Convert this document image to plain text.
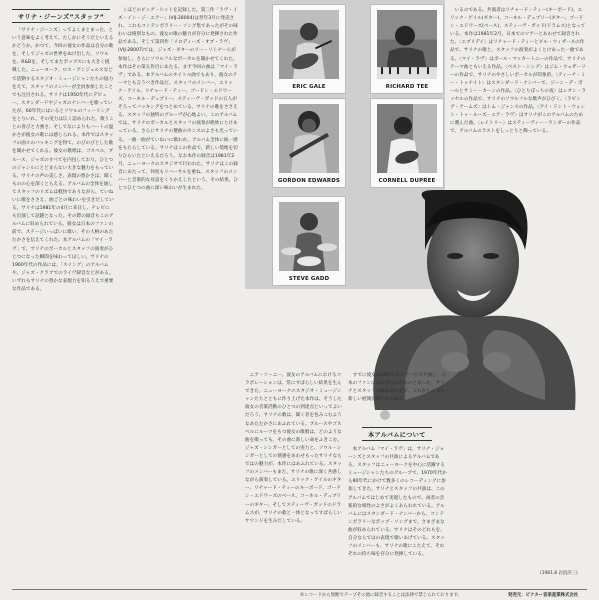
サリナ・ジーンズ”スタッフ”

「サリナ・ジーンズ」ってよくまとまった、という意味をよく考えて、たしかにそうだといえるかどうか。かつて、今回の彼女の作品は自分の歌を、そしてジャズの世界をぬけ出した、ソウルを、R&Bを、そしてまたポップスにも大きく挑戦した。ニューヨーク、ロス・アンジェルスなどで活動するスタジオ・ミュージシャンたちの協力をえて、スタッフのメンバーが全員参加したことでも注目される。サリナは1950年代にデビュー。スタンダードやジャズのナンバーを歌っていたが、60年代にはいるとソウルのフィーリングをとりいれ、その実力は広く認められた。歌うことの喜びと力強さ、そしてなによりもハートの温かさが彼女の歌には感じられる。本作ではスタッフの面々のバッキングを得て、のびのびとした歌を聞かせてくれる。彼女の歌唱は、ゴスペル、ブルース、ジャズのすべてを内包しており、ひとつのジャンルにとどまらない大きな魅力をもっている。サリナの声の美しさ、表現の豊かさは、聞くものの心を深くとらえる。アルバムの全体を通してスタッフのリズムは軽快でありながら、ていねいに歌をささえ、曲ごとの味わいを引きだしている。サリナは1981年の4月に来日し、テレビにも出演して話題となった。その際の録音もこのアルバムに収められている。彼女は日本のファンの前で、ステージいっぱいに歌い、その人柄のあたたかさを伝えてくれた。本アルバムの「マイ・ラヴ」で、サリナのボーカルとスタッフの演奏がひとつになった瞬間を味わってほしい。サリナの1960年代の作品には、「スイング」のアルバムや、ジャズ・クラブでのライヴ録音などがある。いずれもサリナの豊かな表現力を知るうえで重要な作品である。

くほどのビッグ・ヒットを記録した。第三作「ラヴ・イズ・イン・ジ・エアー」(VIJ-28004)は翌年3月に発売され、これもコンテンポラリー・ソング集であったがその味わいは格別なもの。彼女の歌の魅力が存分に発揮された作品である。そして第四作「メロディーズ・オブ・ラヴ」(VIJ-28007)では、ジャズ・ギターのリー・リトナーらが参加し、さらにソウルフルなボーカルを聞かせてくれた。本作はその第五作目にあたる。まず今回の曲は「マイ・ラヴ」である。本アルバムのタイトル曲でもあり、彼女のテーマとも言うべき作品だ。スタッフのメンバー、エリック・ゲイル、リチャード・ティー、ゴードン・エドワーズ、コーネル・デュプリー、スティーヴ・ガッドの五人がそろってバッキングをつとめている。サリナの歌をささえる、スタッフの独特のグルーヴが心地よい。このアルバムでは、サリナのボーカルとスタッフの演奏が絶妙にとけあっている。さらにサリナの選曲のセンスのよさも光っている。一曲一曲がていねいに歌われ、アルバム全体に統一感をもたらしている。サリナはこの作品で、新しい境地を切りひらいたといえるだろう。なお本作の録音は1981年2月、ニューヨークのスタジオで行われた。サリナはこの録音にあたって、何度もリハーサルを重ね、スタッフのメンバーと音楽的な対話をくりかえしたという。その結果、ひとつひとつの曲に深い味わいが生まれた。

ERIC GALE	RICHARD TEE
GORDON EDWARDS	CORNELL DUPREE
STEVE GADD

いるのである。共演者はリチャード・ティー(キーボード)、エリック・ゲイル(ギター)、コーネル・デュプリー(ギター、ゴードン・エドワーズ(ベース)、スティーヴ・ガッド(ドラムス)となっている。本作は1981年2月、日本でのツアーとあわせて録音された。〈エブリデイ〉はリチャード・ティーとビル・ウィザースの作品で、サリナの歌と、スタッフの演奏がよくとけあった一曲である。〈マイ・ラヴ〉はポール・マッカートニーの作品で、サリナのテーマ曲ともいえる作品。〈ベスト・シング〉はジム・ウェザーリーの作品で、サリナのやさしいボーカルが印象的。〈ティーチ・ミー・トゥナイト〉はスタンダード・ナンバーで、ジーン・デ・ポールとサミー・カーンの作品。〈ひとりぼっちの夜〉はレオン・ラッセルの作品で、サリナのソウルフルな歌声がひびく。〈ラビング・アームズ〉はトム・ジャンスの作品、〈アイ・ドント・ウォント・トゥ・ルーズ・ユア・ラヴ〉はサリナがこのアルバムのために選んだ曲。〈レイトリー〉はスティーヴィー・ワンダーの作品で、アルバムのラストをしっとりと飾っている。

(1981.8 岩浪洋三)

ニア・ソーニー。彼女のアルバムにおけるコラボレーションは、常にすばらしい結果を生んできた。ニューヨークのスタジオ・ミュージシャンたちとともに作り上げた本作は、そうした彼女の音楽活動のひとつの到達点といってよいだろう。サリナの歌は、聞く者を包みこむようなあたたかさにあふれている。ブルースやゴスペルにルーツをもつ彼女の歌唱は、どのような曲を歌っても、その曲に新しい命をふきこむ。ジャズ・シンガーとしての実力と、ソウル・シンガーとしての情感をあわせもったサリナならではの魅力が、本作にはあふれている。スタッフのメンバーもまた、サリナの歌に深く共感しながら演奏している。エリック・ゲイルのギター、リチャード・ティーのキーボード、ゴードン・エドワーズのベース、コーネル・デュプリーのギター、そしてスティーヴ・ガッドのドラムスが、サリナの歌と一体となってすばらしいサウンドを生みだしている。

すでに彼女は85年にもステージで共演し、日本のファンにもおなじみのものとなった。サリナとスタッフの組み合わせで、これからのまた新しい展開が楽しみである。

本アルバムについて

本アルバム「マイ・ラヴ」は、サリナ・ジョーンズとスタッフの共演によるアルバムである。スタッフはニューヨークを中心に活躍するミュージシャンたちのグループで、1970年代から80年代にかけて数多くのレコーディングに参加してきた。サリナとスタッフの共演は、このアルバムではじめて実現したもので、両者の音楽的な相性のよさがよくあらわれている。アルバムにはスタンダード・ナンバーから、コンテンポラリーなポップ・ソングまで、さまざまな曲が収められている。サリナはそのどれもを、自分ならではの表現で歌いあげている。スタッフのメンバーも、サリナの歌にこたえて、それぞれの持ち味を存分に発揮している。

©レコードから無断でテープその他に録音することは法律で禁じられております。	発売元：ビクター音楽産業株式会社
